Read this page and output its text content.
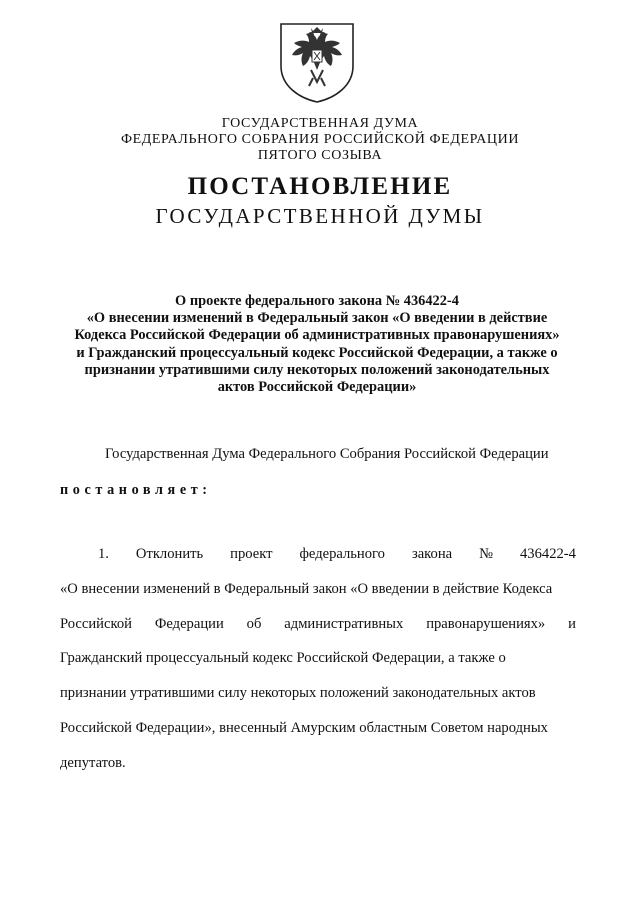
ГОСУДАРСТВЕННАЯ ДУМА
ФЕДЕРАЛЬНОГО СОБРАНИЯ РОССИЙСКОЙ ФЕДЕРАЦИИ
ПЯТОГО СОЗЫВА
ПОСТАНОВЛЕНИЕ
ГОСУДАРСТВЕННОЙ ДУМЫ
О проекте федерального закона № 436422-4
«О внесении изменений в Федеральный закон «О введении в действие
Кодекса Российской Федерации об административных правонарушениях»
и Гражданский процессуальный кодекс Российской Федерации, а также о
признании утратившими силу некоторых положений законодательных
актов Российской Федерации»
Государственная Дума Федерального Собрания Российской Федерации
постановляет:
1. Отклонить проект федерального закона № 436422-4
«О внесении изменений в Федеральный закон «О введении в действие Кодекса
Российской Федерации об административных правонарушениях» и
Гражданский процессуальный кодекс Российской Федерации, а также о
признании утратившими силу некоторых положений законодательных актов
Российской Федерации», внесенный Амурским областным Советом народных
депутатов.
